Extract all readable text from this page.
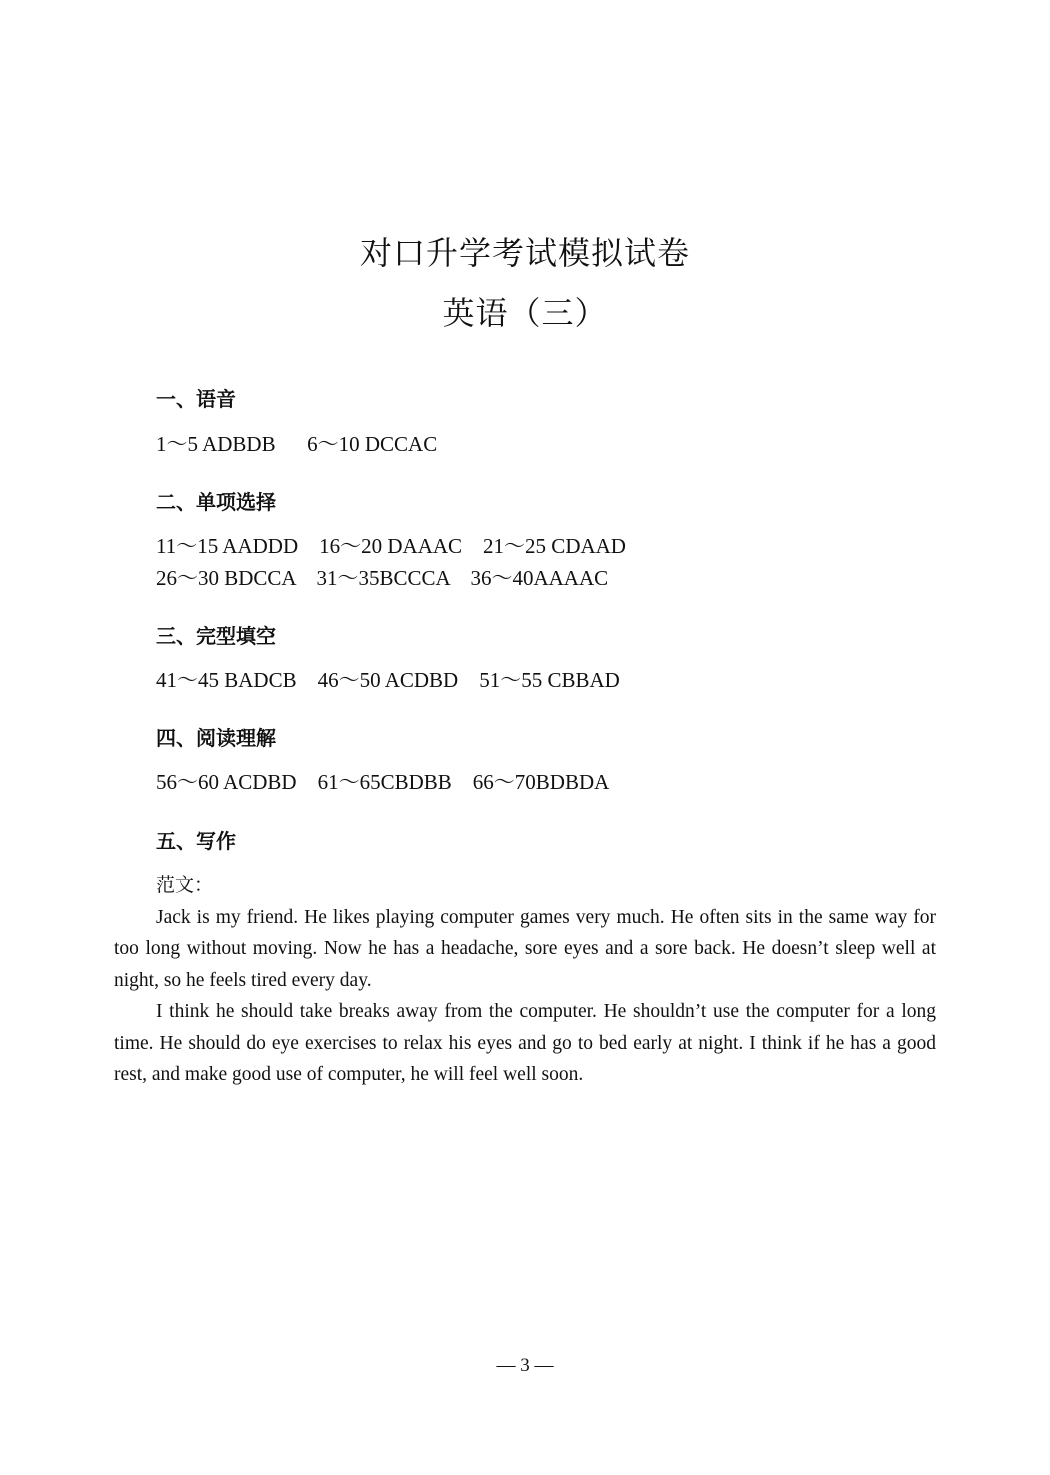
对口升学考试模拟试卷
英语（三）
一、语音
1～5 ADBDB      6～10 DCCAC
二、单项选择
11～15 AADDD    16～20 DAAAC    21～25 CDAAD
26～30 BDCCA    31～35BCCCA    36～40AAAAC
三、完型填空
41～45 BADCB    46～50 ACDBD    51～55 CBBAD
四、阅读理解
56～60 ACDBD    61～65CBDBB    66～70BDBDA
五、写作
范文：

Jack is my friend. He likes playing computer games very much. He often sits in the same way for too long without moving. Now he has a headache, sore eyes and a sore back. He doesn’t sleep well at night, so he feels tired every day.

I think he should take breaks away from the computer. He shouldn’t use the computer for a long time. He should do eye exercises to relax his eyes and go to bed early at night. I think if he has a good rest, and make good use of computer, he will feel well soon.

— 3 —
